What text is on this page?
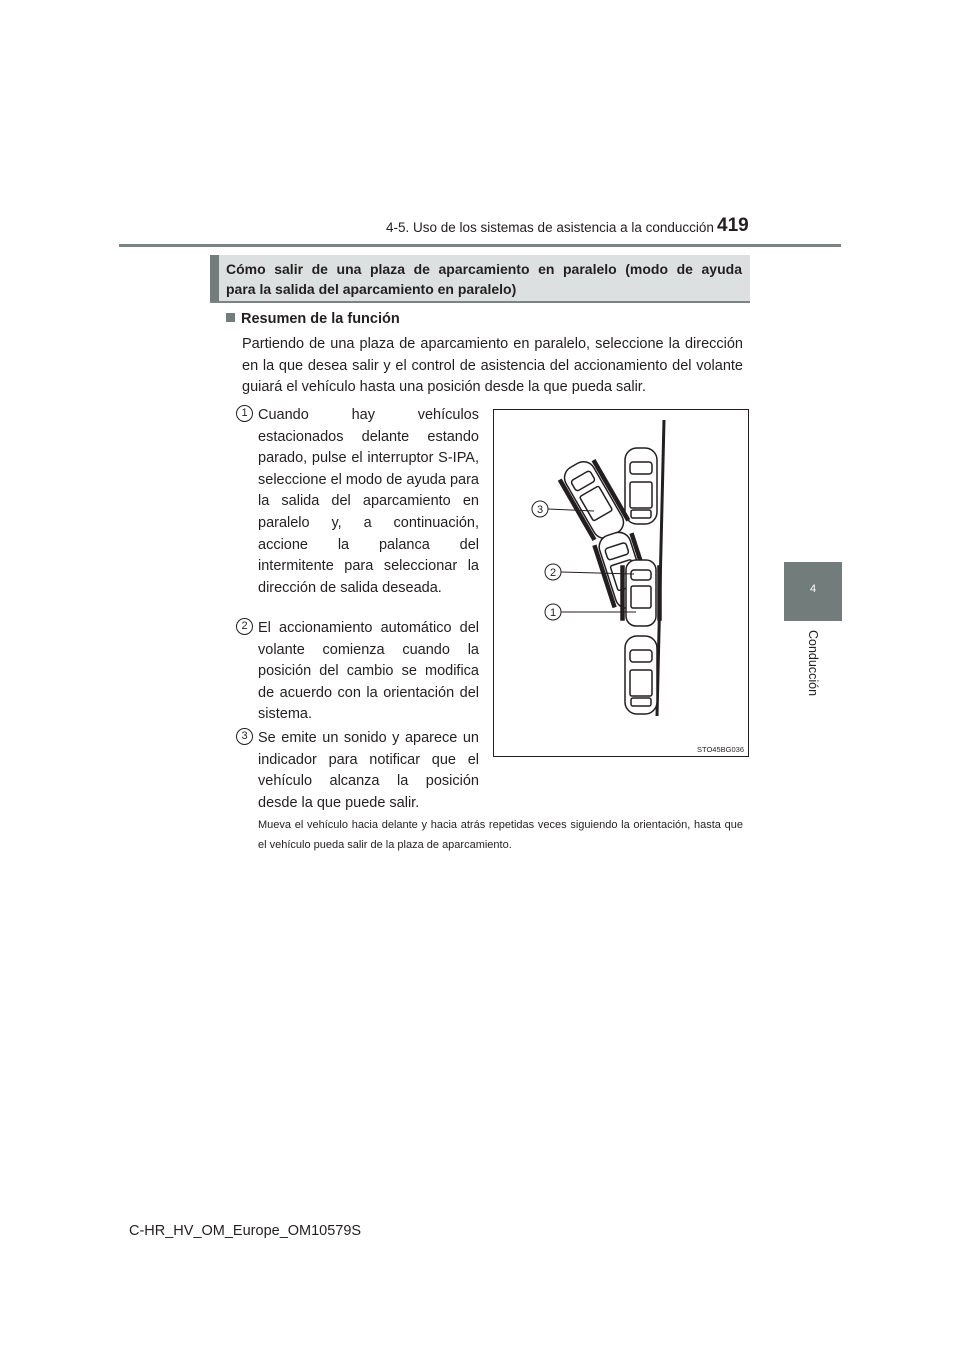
4-5. Uso de los sistemas de asistencia a la conducción 419
4
Conducción
Cómo salir de una plaza de aparcamiento en paralelo (modo de ayuda
para la salida del aparcamiento en paralelo)
Resumen de la función
Partiendo de una plaza de aparcamiento en paralelo, seleccione la dirección en la que desea salir y el control de asistencia del accionamiento del volante guiará el vehículo hasta una posición desde la que pueda salir.
1 Cuando hay vehículos estacionados delante estando parado, pulse el interruptor S-IPA, seleccione el modo de ayuda para la salida del aparcamiento en paralelo y, a continuación, accione la palanca del intermitente para seleccionar la dirección de salida deseada.
2 El accionamiento automático del volante comienza cuando la posición del cambio se modifica de acuerdo con la orientación del sistema.
3 Se emite un sonido y aparece un indicador para notificar que el vehículo alcanza la posición desde la que puede salir.
Mueva el vehículo hacia delante y hacia atrás repetidas veces siguiendo la orientación, hasta que el vehículo pueda salir de la plaza de aparcamiento.
3
2
1
STO45BG036
C-HR_HV_OM_Europe_OM10579S
